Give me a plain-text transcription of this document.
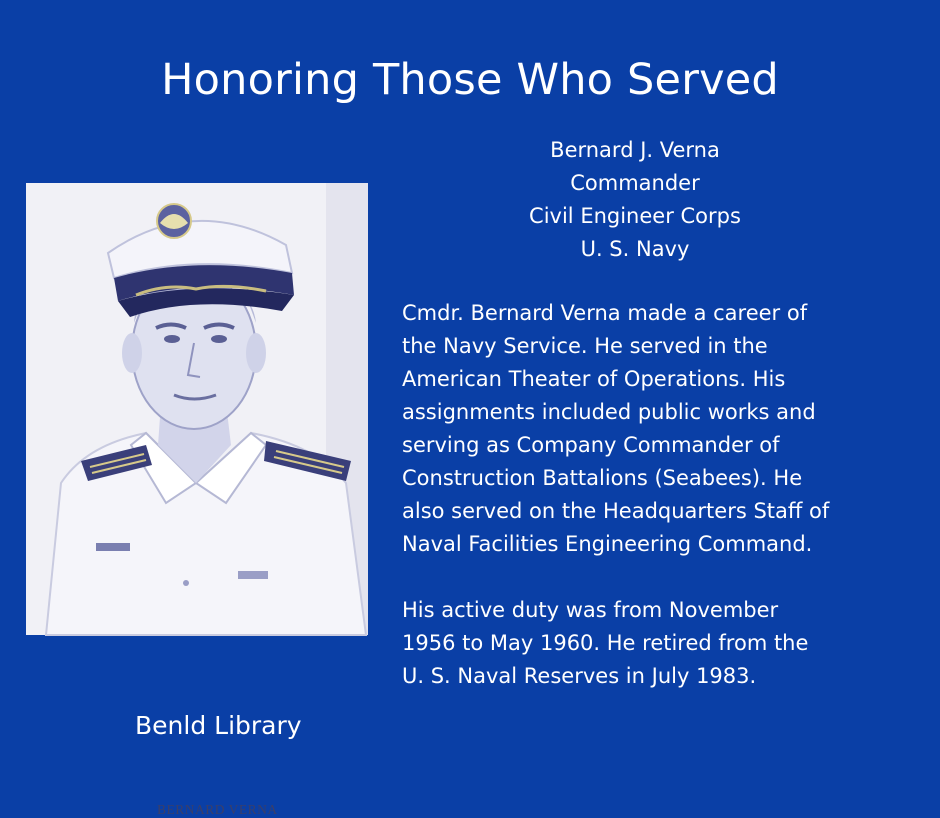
Honoring Those Who Served
Bernard J. Verna
Commander
Civil Engineer Corps
U. S. Navy
BERNARD VERNA

Cmdr. Bernard Verna made a career of
the Navy Service. He served in the
American Theater of Operations. His
assignments included public works and
serving as Company Commander of
Construction Battalions (Seabees). He
also served on the Headquarters Staff of
Naval Facilities Engineering Command.

His active duty was from November
1956 to May 1960. He retired from the
U. S. Naval Reserves in July 1983.

Benld Library
